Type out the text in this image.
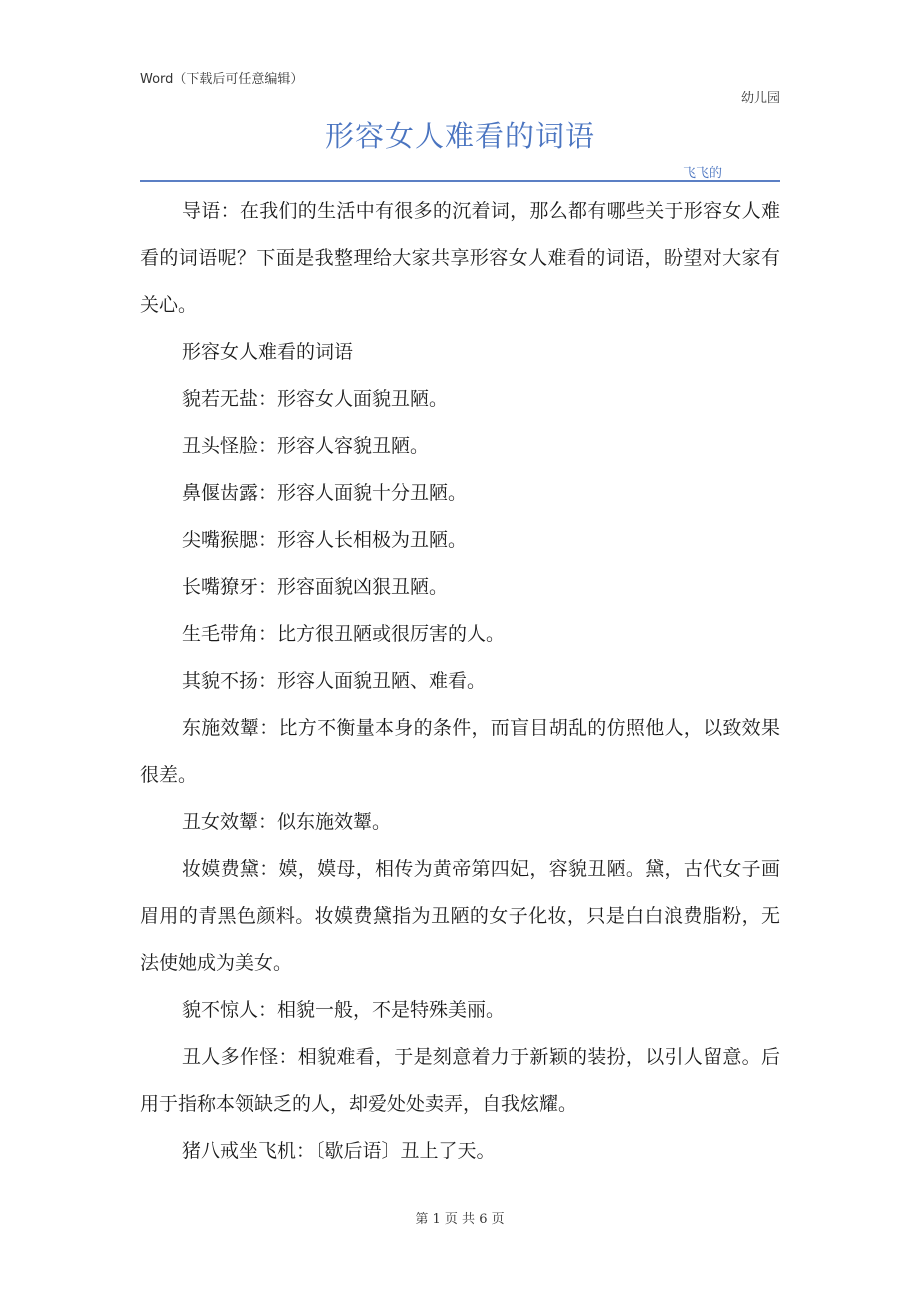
Word（下载后可任意编辑）
幼儿园
形容女人难看的词语
飞飞的

导语：在我们的生活中有很多的沉着词，那么都有哪些关于形容女人难看的词语呢？下面是我整理给大家共享形容女人难看的词语，盼望对大家有关心。

形容女人难看的词语

貌若无盐：形容女人面貌丑陋。

丑头怪脸：形容人容貌丑陋。

鼻偃齿露：形容人面貌十分丑陋。

尖嘴猴腮：形容人长相极为丑陋。

长嘴獠牙：形容面貌凶狠丑陋。

生毛带角：比方很丑陋或很厉害的人。

其貌不扬：形容人面貌丑陋、难看。

东施效颦：比方不衡量本身的条件，而盲目胡乱的仿照他人，以致效果很差。

丑女效颦：似东施效颦。

妆嫫费黛：嫫，嫫母，相传为黄帝第四妃，容貌丑陋。黛，古代女子画眉用的青黑色颜料。妆嫫费黛指为丑陋的女子化妆，只是白白浪费脂粉，无法使她成为美女。

貌不惊人：相貌一般，不是特殊美丽。

丑人多作怪：相貌难看，于是刻意着力于新颖的装扮，以引人留意。后用于指称本领缺乏的人，却爱处处卖弄，自我炫耀。

猪八戒坐飞机：〔歇后语〕丑上了天。

第 1 页 共 6 页
